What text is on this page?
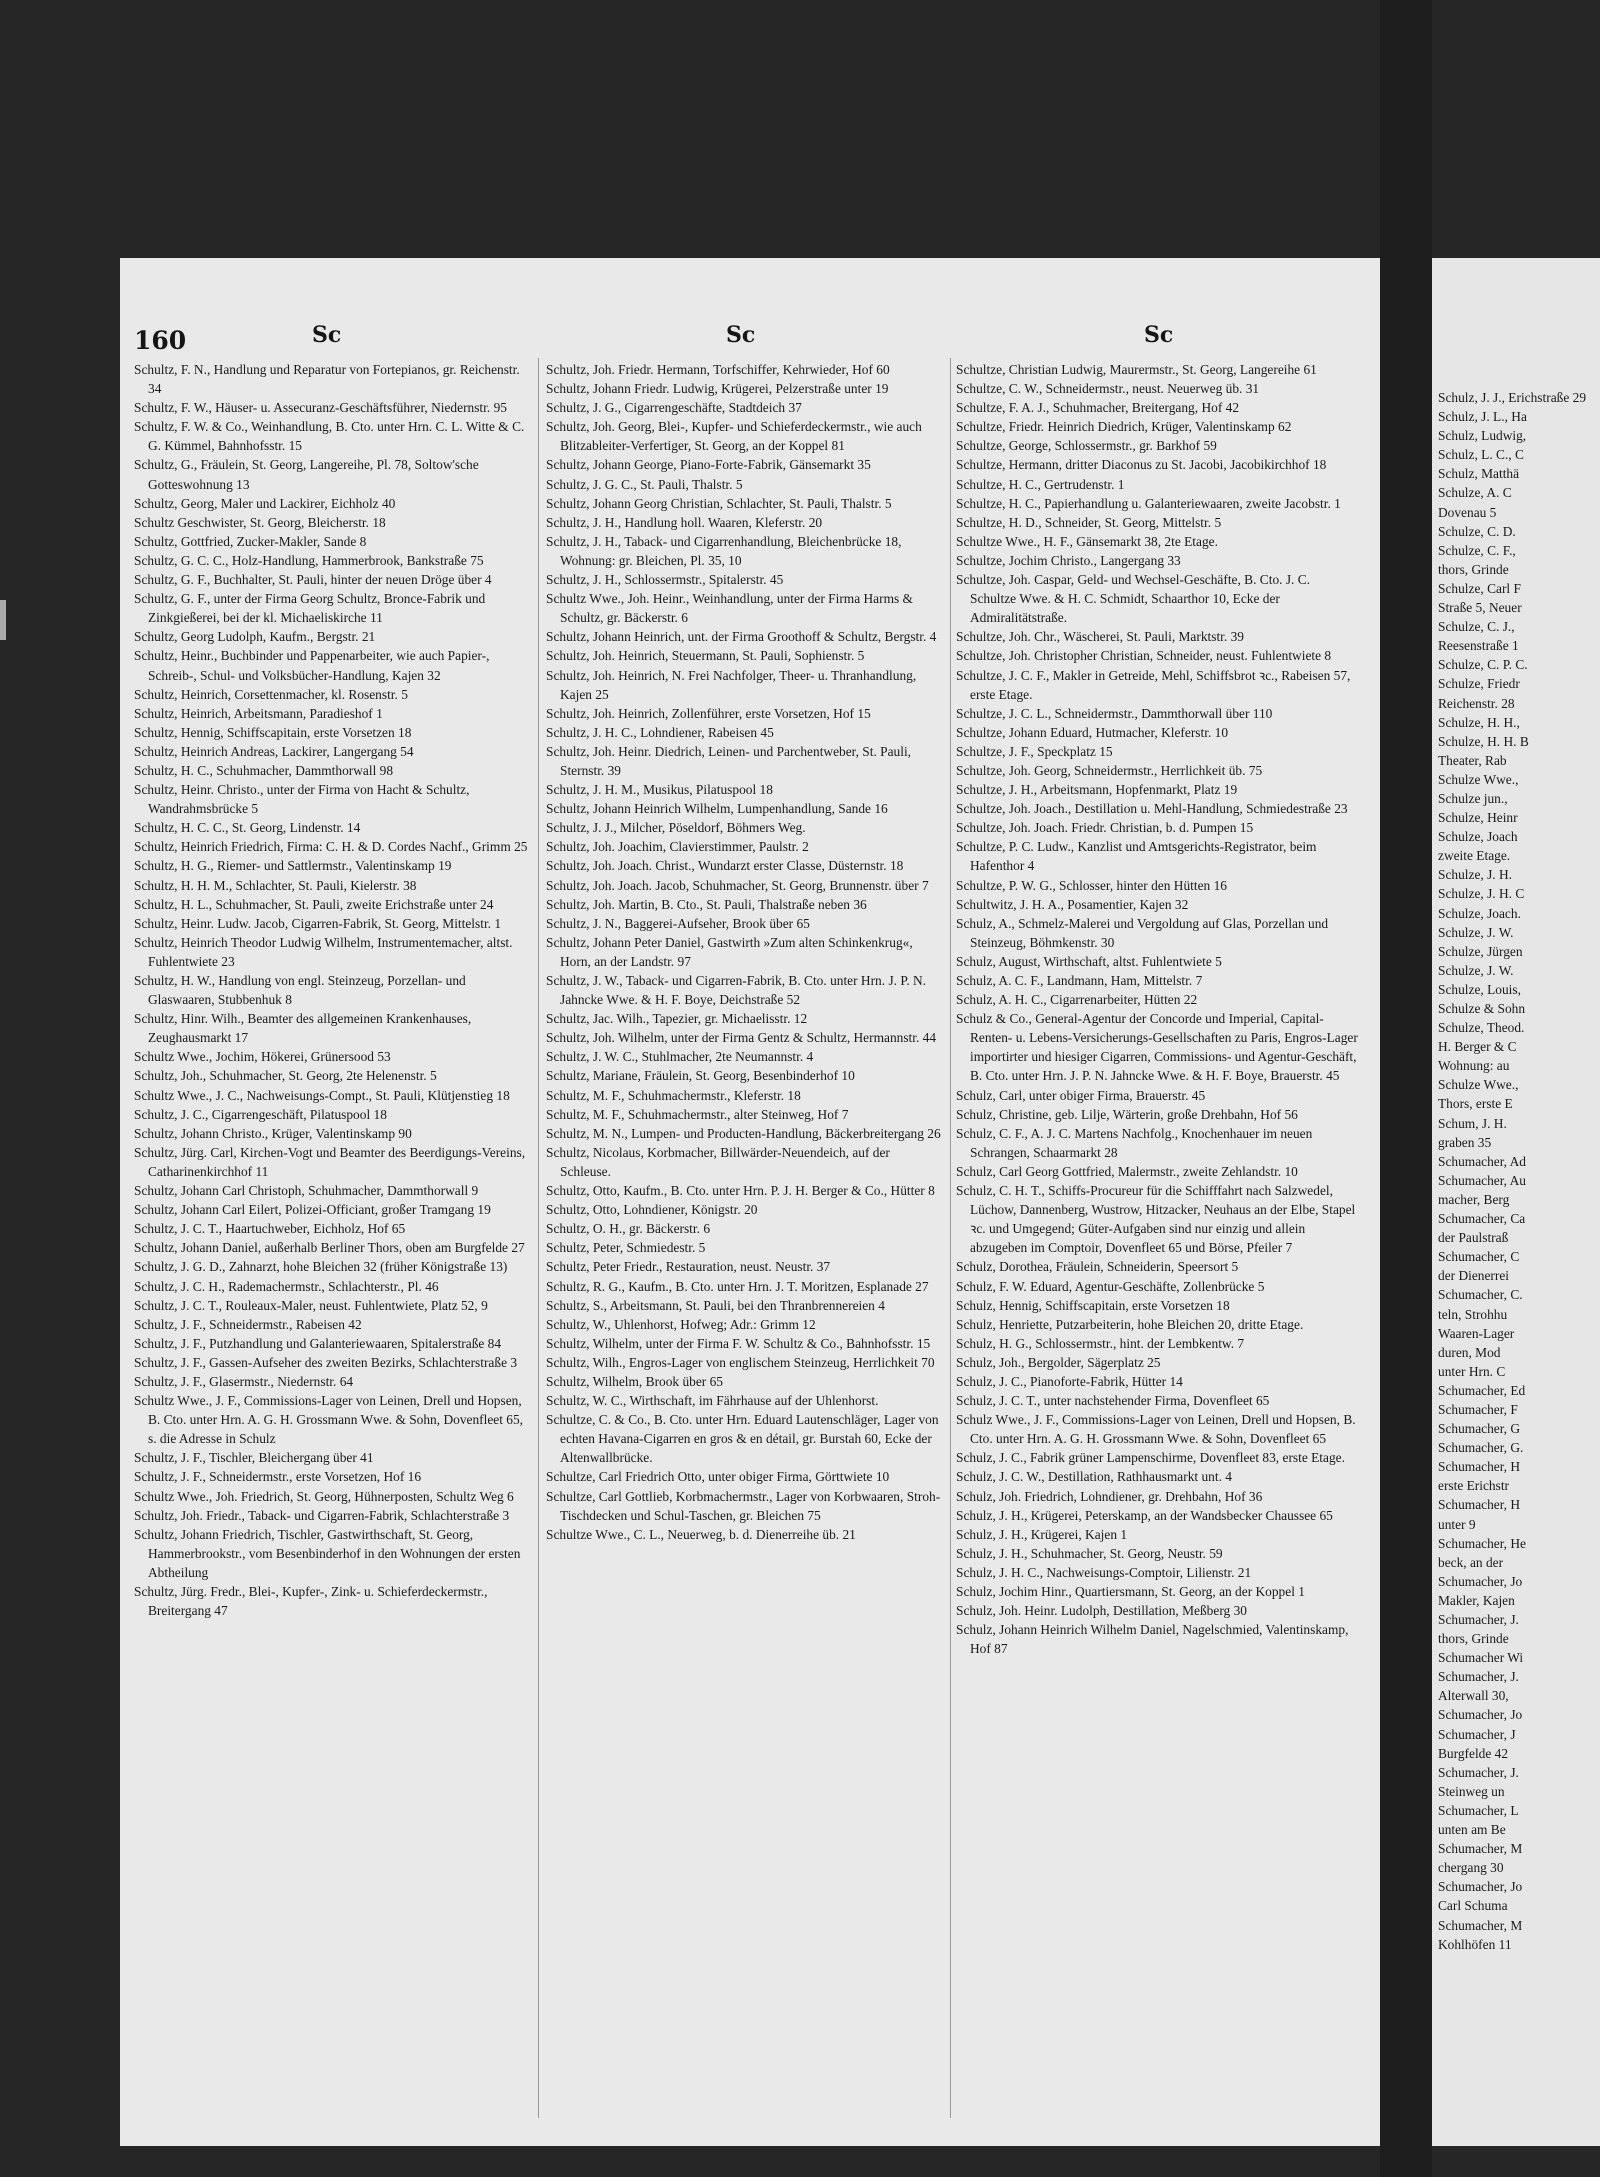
160	Sc	Sc	Sc
Schultz, F. N., Handlung und Reparatur von Fortepianos, gr. Reichenstr. 34
Schultz, F. W., Häuser- u. Assecuranz-Geschäftsführer, Niedernstr. 95
Schultz, F. W. & Co., Weinhandlung, B. Cto. unter Hrn. C. L. Witte & C. G. Kümmel, Bahnhofsstr. 15
Schultz, G., Fräulein, St. Georg, Langereihe, Pl. 78, Soltow'sche Gotteswohnung 13
Schultz, Georg, Maler und Lackirer, Eichholz 40
Schultz Geschwister, St. Georg, Bleicherstr. 18
Schultz, Gottfried, Zucker-Makler, Sande 8
Schultz, G. C. C., Holz-Handlung, Hammerbrook, Bankstraße 75
Schultz, G. F., Buchhalter, St. Pauli, hinter der neuen Dröge über 4
Schultz, G. F., unter der Firma Georg Schultz, Bronce-Fabrik und Zinkgießerei, bei der kl. Michaeliskirche 11
Schultz, Georg Ludolph, Kaufm., Bergstr. 21
Schultz, Heinr., Buchbinder und Pappenarbeiter, wie auch Papier-, Schreib-, Schul- und Volksbücher-Handlung, Kajen 32
Schultz, Heinrich, Corsettenmacher, kl. Rosenstr. 5
Schultz, Heinrich, Arbeitsmann, Paradieshof 1
Schultz, Hennig, Schiffscapitain, erste Vorsetzen 18
Schultz, Heinrich Andreas, Lackirer, Langergang 54
Schultz, H. C., Schuhmacher, Dammthorwall 98
Schultz, Heinr. Christo., unter der Firma von Hacht & Schultz, Wandrahmsbrücke 5
Schultz, H. C. C., St. Georg, Lindenstr. 14
Schultz, Heinrich Friedrich, Firma: C. H. & D. Cordes Nachf., Grimm 25
Schultz, H. G., Riemer- und Sattlermstr., Valentinskamp 19
Schultz, H. H. M., Schlachter, St. Pauli, Kielerstr. 38
Schultz, H. L., Schuhmacher, St. Pauli, zweite Erichstraße unter 24
Schultz, Heinr. Ludw. Jacob, Cigarren-Fabrik, St. Georg, Mittelstr. 1
Schultz, Heinrich Theodor Ludwig Wilhelm, Instrumentemacher, altst. Fuhlentwiete 23
Schultz, H. W., Handlung von engl. Steinzeug, Porzellan- und Glaswaaren, Stubbenhuk 8
Schultz, Hinr. Wilh., Beamter des allgemeinen Krankenhauses, Zeughausmarkt 17
Schultz Wwe., Jochim, Hökerei, Grünersood 53
Schultz, Joh., Schuhmacher, St. Georg, 2te Helenenstr. 5
Schultz Wwe., J. C., Nachweisungs-Compt., St. Pauli, Klütjenstieg 18
Schultz, J. C., Cigarrengeschäft, Pilatuspool 18
Schultz, Johann Christo., Krüger, Valentinskamp 90
Schultz, Jürg. Carl, Kirchen-Vogt und Beamter des Beerdigungs-Vereins, Catharinenkirchhof 11
Schultz, Johann Carl Christoph, Schuhmacher, Dammthorwall 9
Schultz, Johann Carl Eilert, Polizei-Officiant, großer Tramgang 19
Schultz, J. C. T., Haartuchweber, Eichholz, Hof 65
Schultz, Johann Daniel, außerhalb Berliner Thors, oben am Burgfelde 27
Schultz, J. G. D., Zahnarzt, hohe Bleichen 32 (früher Königstraße 13)
Schultz, J. C. H., Rademachermstr., Schlachterstr., Pl. 46
Schultz, J. C. T., Rouleaux-Maler, neust. Fuhlentwiete, Platz 52, 9
Schultz, J. F., Schneidermstr., Rabeisen 42
Schultz, J. F., Putzhandlung und Galanteriewaaren, Spitalerstraße 84
Schultz, J. F., Gassen-Aufseher des zweiten Bezirks, Schlachterstraße 3
Schultz, J. F., Glasermstr., Niedernstr. 64
Schultz Wwe., J. F., Commissions-Lager von Leinen, Drell und Hopsen, B. Cto. unter Hrn. A. G. H. Grossmann Wwe. & Sohn, Dovenfleet 65, s. die Adresse in Schulz
Schultz, J. F., Tischler, Bleichergang über 41
Schultz, J. F., Schneidermstr., erste Vorsetzen, Hof 16
Schultz Wwe., Joh. Friedrich, St. Georg, Hühnerposten, Schultz Weg 6
Schultz, Joh. Friedr., Taback- und Cigarren-Fabrik, Schlachterstraße 3
Schultz, Johann Friedrich, Tischler, Gastwirthschaft, St. Georg, Hammerbrookstr., vom Besenbinderhof in den Wohnungen der ersten Abtheilung
Schultz, Jürg. Fredr., Blei-, Kupfer-, Zink- u. Schieferdeckermstr., Breitergang 47
Schultz, Joh. Friedr. Hermann, Torfschiffer, Kehrwieder, Hof 60
Schultz, Johann Friedr. Ludwig, Krügerei, Pelzerstraße unter 19
Schultz, J. G., Cigarrengeschäfte, Stadtdeich 37
Schultz, Joh. Georg, Blei-, Kupfer- und Schieferdeckermstr., wie auch Blitzableiter-Verfertiger, St. Georg, an der Koppel 81
Schultz, Johann George, Piano-Forte-Fabrik, Gänsemarkt 35
Schultz, J. G. C., St. Pauli, Thalstr. 5
Schultz, Johann Georg Christian, Schlachter, St. Pauli, Thalstr. 5
Schultz, J. H., Handlung holl. Waaren, Kleferstr. 20
Schultz, J. H., Taback- und Cigarrenhandlung, Bleichenbrücke 18, Wohnung: gr. Bleichen, Pl. 35, 10
Schultz, J. H., Schlossermstr., Spitalerstr. 45
Schultz Wwe., Joh. Heinr., Weinhandlung, unter der Firma Harms & Schultz, gr. Bäckerstr. 6
Schultz, Johann Heinrich, unt. der Firma Groothoff & Schultz, Bergstr. 4
Schultz, Joh. Heinrich, Steuermann, St. Pauli, Sophienstr. 5
Schultz, Joh. Heinrich, N. Frei Nachfolger, Theer- u. Thranhandlung, Kajen 25
Schultz, Joh. Heinrich, Zollenführer, erste Vorsetzen, Hof 15
Schultz, J. H. C., Lohndiener, Rabeisen 45
Schultz, Joh. Heinr. Diedrich, Leinen- und Parchentweber, St. Pauli, Sternstr. 39
Schultz, J. H. M., Musikus, Pilatuspool 18
Schultz, Johann Heinrich Wilhelm, Lumpenhandlung, Sande 16
Schultz, J. J., Milcher, Pöseldorf, Böhmers Weg.
Schultz, Joh. Joachim, Clavierstimmer, Paulstr. 2
Schultz, Joh. Joach. Christ., Wundarzt erster Classe, Düsternstr. 18
Schultz, Joh. Joach. Jacob, Schuhmacher, St. Georg, Brunnenstr. über 7
Schultz, Joh. Martin, B. Cto., St. Pauli, Thalstraße neben 36
Schultz, J. N., Baggerei-Aufseher, Brook über 65
Schultz, Johann Peter Daniel, Gastwirth »Zum alten Schinkenkrug«, Horn, an der Landstr. 97
Schultz, J. W., Taback- und Cigarren-Fabrik, B. Cto. unter Hrn. J. P. N. Jahncke Wwe. & H. F. Boye, Deichstraße 52
Schultz, Jac. Wilh., Tapezier, gr. Michaelisstr. 12
Schultz, Joh. Wilhelm, unter der Firma Gentz & Schultz, Hermannstr. 44
Schultz, J. W. C., Stuhlmacher, 2te Neumannstr. 4
Schultz, Mariane, Fräulein, St. Georg, Besenbinderhof 10
Schultz, M. F., Schuhmachermstr., Kleferstr. 18
Schultz, M. F., Schuhmachermstr., alter Steinweg, Hof 7
Schultz, M. N., Lumpen- und Producten-Handlung, Bäckerbreitergang 26
Schultz, Nicolaus, Korbmacher, Billwärder-Neuendeich, auf der Schleuse.
Schultz, Otto, Kaufm., B. Cto. unter Hrn. P. J. H. Berger & Co., Hütter 8
Schultz, Otto, Lohndiener, Königstr. 20
Schultz, O. H., gr. Bäckerstr. 6
Schultz, Peter, Schmiedestr. 5
Schultz, Peter Friedr., Restauration, neust. Neustr. 37
Schultz, R. G., Kaufm., B. Cto. unter Hrn. J. T. Moritzen, Esplanade 27
Schultz, S., Arbeitsmann, St. Pauli, bei den Thranbrennereien 4
Schultz, W., Uhlenhorst, Hofweg; Adr.: Grimm 12
Schultz, Wilhelm, unter der Firma F. W. Schultz & Co., Bahnhofsstr. 15
Schultz, Wilh., Engros-Lager von englischem Steinzeug, Herrlichkeit 70
Schultz, Wilhelm, Brook über 65
Schultz, W. C., Wirthschaft, im Fährhause auf der Uhlenhorst.
Schultze, C. & Co., B. Cto. unter Hrn. Eduard Lautenschläger, Lager von echten Havana-Cigarren en gros & en détail, gr. Burstah 60, Ecke der Altenwallbrücke.
Schultze, Carl Friedrich Otto, unter obiger Firma, Görttwiete 10
Schultze, Carl Gottlieb, Korbmachermstr., Lager von Korbwaaren, Stroh-Tischdecken und Schul-Taschen, gr. Bleichen 75
Schultze Wwe., C. L., Neuerweg, b. d. Dienerreihe üb. 21
Schultze, Christian Ludwig, Maurermstr., St. Georg, Langereihe 61
Schultze, C. W., Schneidermstr., neust. Neuerweg üb. 31
Schultze, F. A. J., Schuhmacher, Breitergang, Hof 42
Schultze, Friedr. Heinrich Diedrich, Krüger, Valentinskamp 62
Schultze, George, Schlossermstr., gr. Barkhof 59
Schultze, Hermann, dritter Diaconus zu St. Jacobi, Jacobikirchhof 18
Schultze, H. C., Gertrudenstr. 1
Schultze, H. C., Papierhandlung u. Galanteriewaaren, zweite Jacobstr. 1
Schultze, H. D., Schneider, St. Georg, Mittelstr. 5
Schultze Wwe., H. F., Gänsemarkt 38, 2te Etage.
Schultze, Jochim Christo., Langergang 33
Schultze, Joh. Caspar, Geld- und Wechsel-Geschäfte, B. Cto. J. C. Schultze Wwe. & H. C. Schmidt, Schaarthor 10, Ecke der Admiralitätstraße.
Schultze, Joh. Chr., Wäscherei, St. Pauli, Marktstr. 39
Schultze, Joh. Christopher Christian, Schneider, neust. Fuhlentwiete 8
Schultze, J. C. F., Makler in Getreide, Mehl, Schiffsbrot ꝛc., Rabeisen 57, erste Etage.
Schultze, J. C. L., Schneidermstr., Dammthorwall über 110
Schultze, Johann Eduard, Hutmacher, Kleferstr. 10
Schultze, J. F., Speckplatz 15
Schultze, Joh. Georg, Schneidermstr., Herrlichkeit üb. 75
Schultze, J. H., Arbeitsmann, Hopfenmarkt, Platz 19
Schultze, Joh. Joach., Destillation u. Mehl-Handlung, Schmiedestraße 23
Schultze, Joh. Joach. Friedr. Christian, b. d. Pumpen 15
Schultze, P. C. Ludw., Kanzlist und Amtsgerichts-Registrator, beim Hafenthor 4
Schultze, P. W. G., Schlosser, hinter den Hütten 16
Schultwitz, J. H. A., Posamentier, Kajen 32
Schulz, A., Schmelz-Malerei und Vergoldung auf Glas, Porzellan und Steinzeug, Böhmkenstr. 30
Schulz, August, Wirthschaft, altst. Fuhlentwiete 5
Schulz, A. C. F., Landmann, Ham, Mittelstr. 7
Schulz, A. H. C., Cigarrenarbeiter, Hütten 22
Schulz & Co., General-Agentur der Concorde und Imperial, Capital-Renten- u. Lebens-Versicherungs-Gesellschaften zu Paris, Engros-Lager importirter und hiesiger Cigarren, Commissions- und Agentur-Geschäft, B. Cto. unter Hrn. J. P. N. Jahncke Wwe. & H. F. Boye, Brauerstr. 45
Schulz, Carl, unter obiger Firma, Brauerstr. 45
Schulz, Christine, geb. Lilje, Wärterin, große Drehbahn, Hof 56
Schulz, C. F., A. J. C. Martens Nachfolg., Knochenhauer im neuen Schrangen, Schaarmarkt 28
Schulz, Carl Georg Gottfried, Malermstr., zweite Zehlandstr. 10
Schulz, C. H. T., Schiffs-Procureur für die Schifffahrt nach Salzwedel, Lüchow, Dannenberg, Wustrow, Hitzacker, Neuhaus an der Elbe, Stapel ꝛc. und Umgegend; Güter-Aufgaben sind nur einzig und allein abzugeben im Comptoir, Dovenfleet 65 und Börse, Pfeiler 7
Schulz, Dorothea, Fräulein, Schneiderin, Speersort 5
Schulz, F. W. Eduard, Agentur-Geschäfte, Zollenbrücke 5
Schulz, Hennig, Schiffscapitain, erste Vorsetzen 18
Schulz, Henriette, Putzarbeiterin, hohe Bleichen 20, dritte Etage.
Schulz, H. G., Schlossermstr., hint. der Lembkentw. 7
Schulz, Joh., Bergolder, Sägerplatz 25
Schulz, J. C., Pianoforte-Fabrik, Hütter 14
Schulz, J. C. T., unter nachstehender Firma, Dovenfleet 65
Schulz Wwe., J. F., Commissions-Lager von Leinen, Drell und Hopsen, B. Cto. unter Hrn. A. G. H. Grossmann Wwe. & Sohn, Dovenfleet 65
Schulz, J. C., Fabrik grüner Lampenschirme, Dovenfleet 83, erste Etage.
Schulz, J. C. W., Destillation, Rathhausmarkt unt. 4
Schulz, Joh. Friedrich, Lohndiener, gr. Drehbahn, Hof 36
Schulz, J. H., Krügerei, Peterskamp, an der Wandsbecker Chaussee 65
Schulz, J. H., Krügerei, Kajen 1
Schulz, J. H., Schuhmacher, St. Georg, Neustr. 59
Schulz, J. H. C., Nachweisungs-Comptoir, Lilienstr. 21
Schulz, Jochim Hinr., Quartiersmann, St. Georg, an der Koppel 1
Schulz, Joh. Heinr. Ludolph, Destillation, Meßberg 30
Schulz, Johann Heinrich Wilhelm Daniel, Nagelschmied, Valentinskamp, Hof 87
Schulz, J. J., Erichstraße 29
Schulz, J. L., Ha
Schulz, Ludwig,
Schulz, L. C., C
Schulz, Matthä
Schulze, A. C
Dovenau 5
Schulze, C. D.
Schulze, C. F.,
thors, Grinde
Schulze, Carl F
Straße 5, Neuer
Schulze, C. J.,
Reesenstraße 1
Schulze, C. P. C.
Schulze, Friedr
Reichenstr. 28
Schulze, H. H.,
Schulze, H. H. B
Theater, Rab
Schulze Wwe.,
Schulze jun.,
Schulze, Heinr
Schulze, Joach
zweite Etage.
Schulze, J. H.
Schulze, J. H. C
Schulze, Joach.
Schulze, J. W.
Schulze, Jürgen
Schulze, J. W.
Schulze, Louis,
Schulze & Sohn
Schulze, Theod.
H. Berger & C
Wohnung: au
Schulze Wwe.,
Thors, erste E
Schum, J. H.
graben 35
Schumacher, Ad
Schumacher, Au
macher, Berg
Schumacher, Ca
der Paulstraß
Schumacher, C
der Dienerrei
Schumacher, C.
teln, Strohhu
Waaren-Lager
duren, Mod
unter Hrn. C
Schumacher, Ed
Schumacher, F
Schumacher, G
Schumacher, G.
Schumacher, H
erste Erichstr
Schumacher, H
unter 9
Schumacher, He
beck, an der
Schumacher, Jo
Makler, Kajen
Schumacher, J.
thors, Grinde
Schumacher Wi
Schumacher, J.
Alterwall 30,
Schumacher, Jo
Schumacher, J
Burgfelde 42
Schumacher, J.
Steinweg un
Schumacher, L
unten am Be
Schumacher, M
chergang 30
Schumacher, Jo
Carl Schuma
Schumacher, M
Kohlhöfen 11
